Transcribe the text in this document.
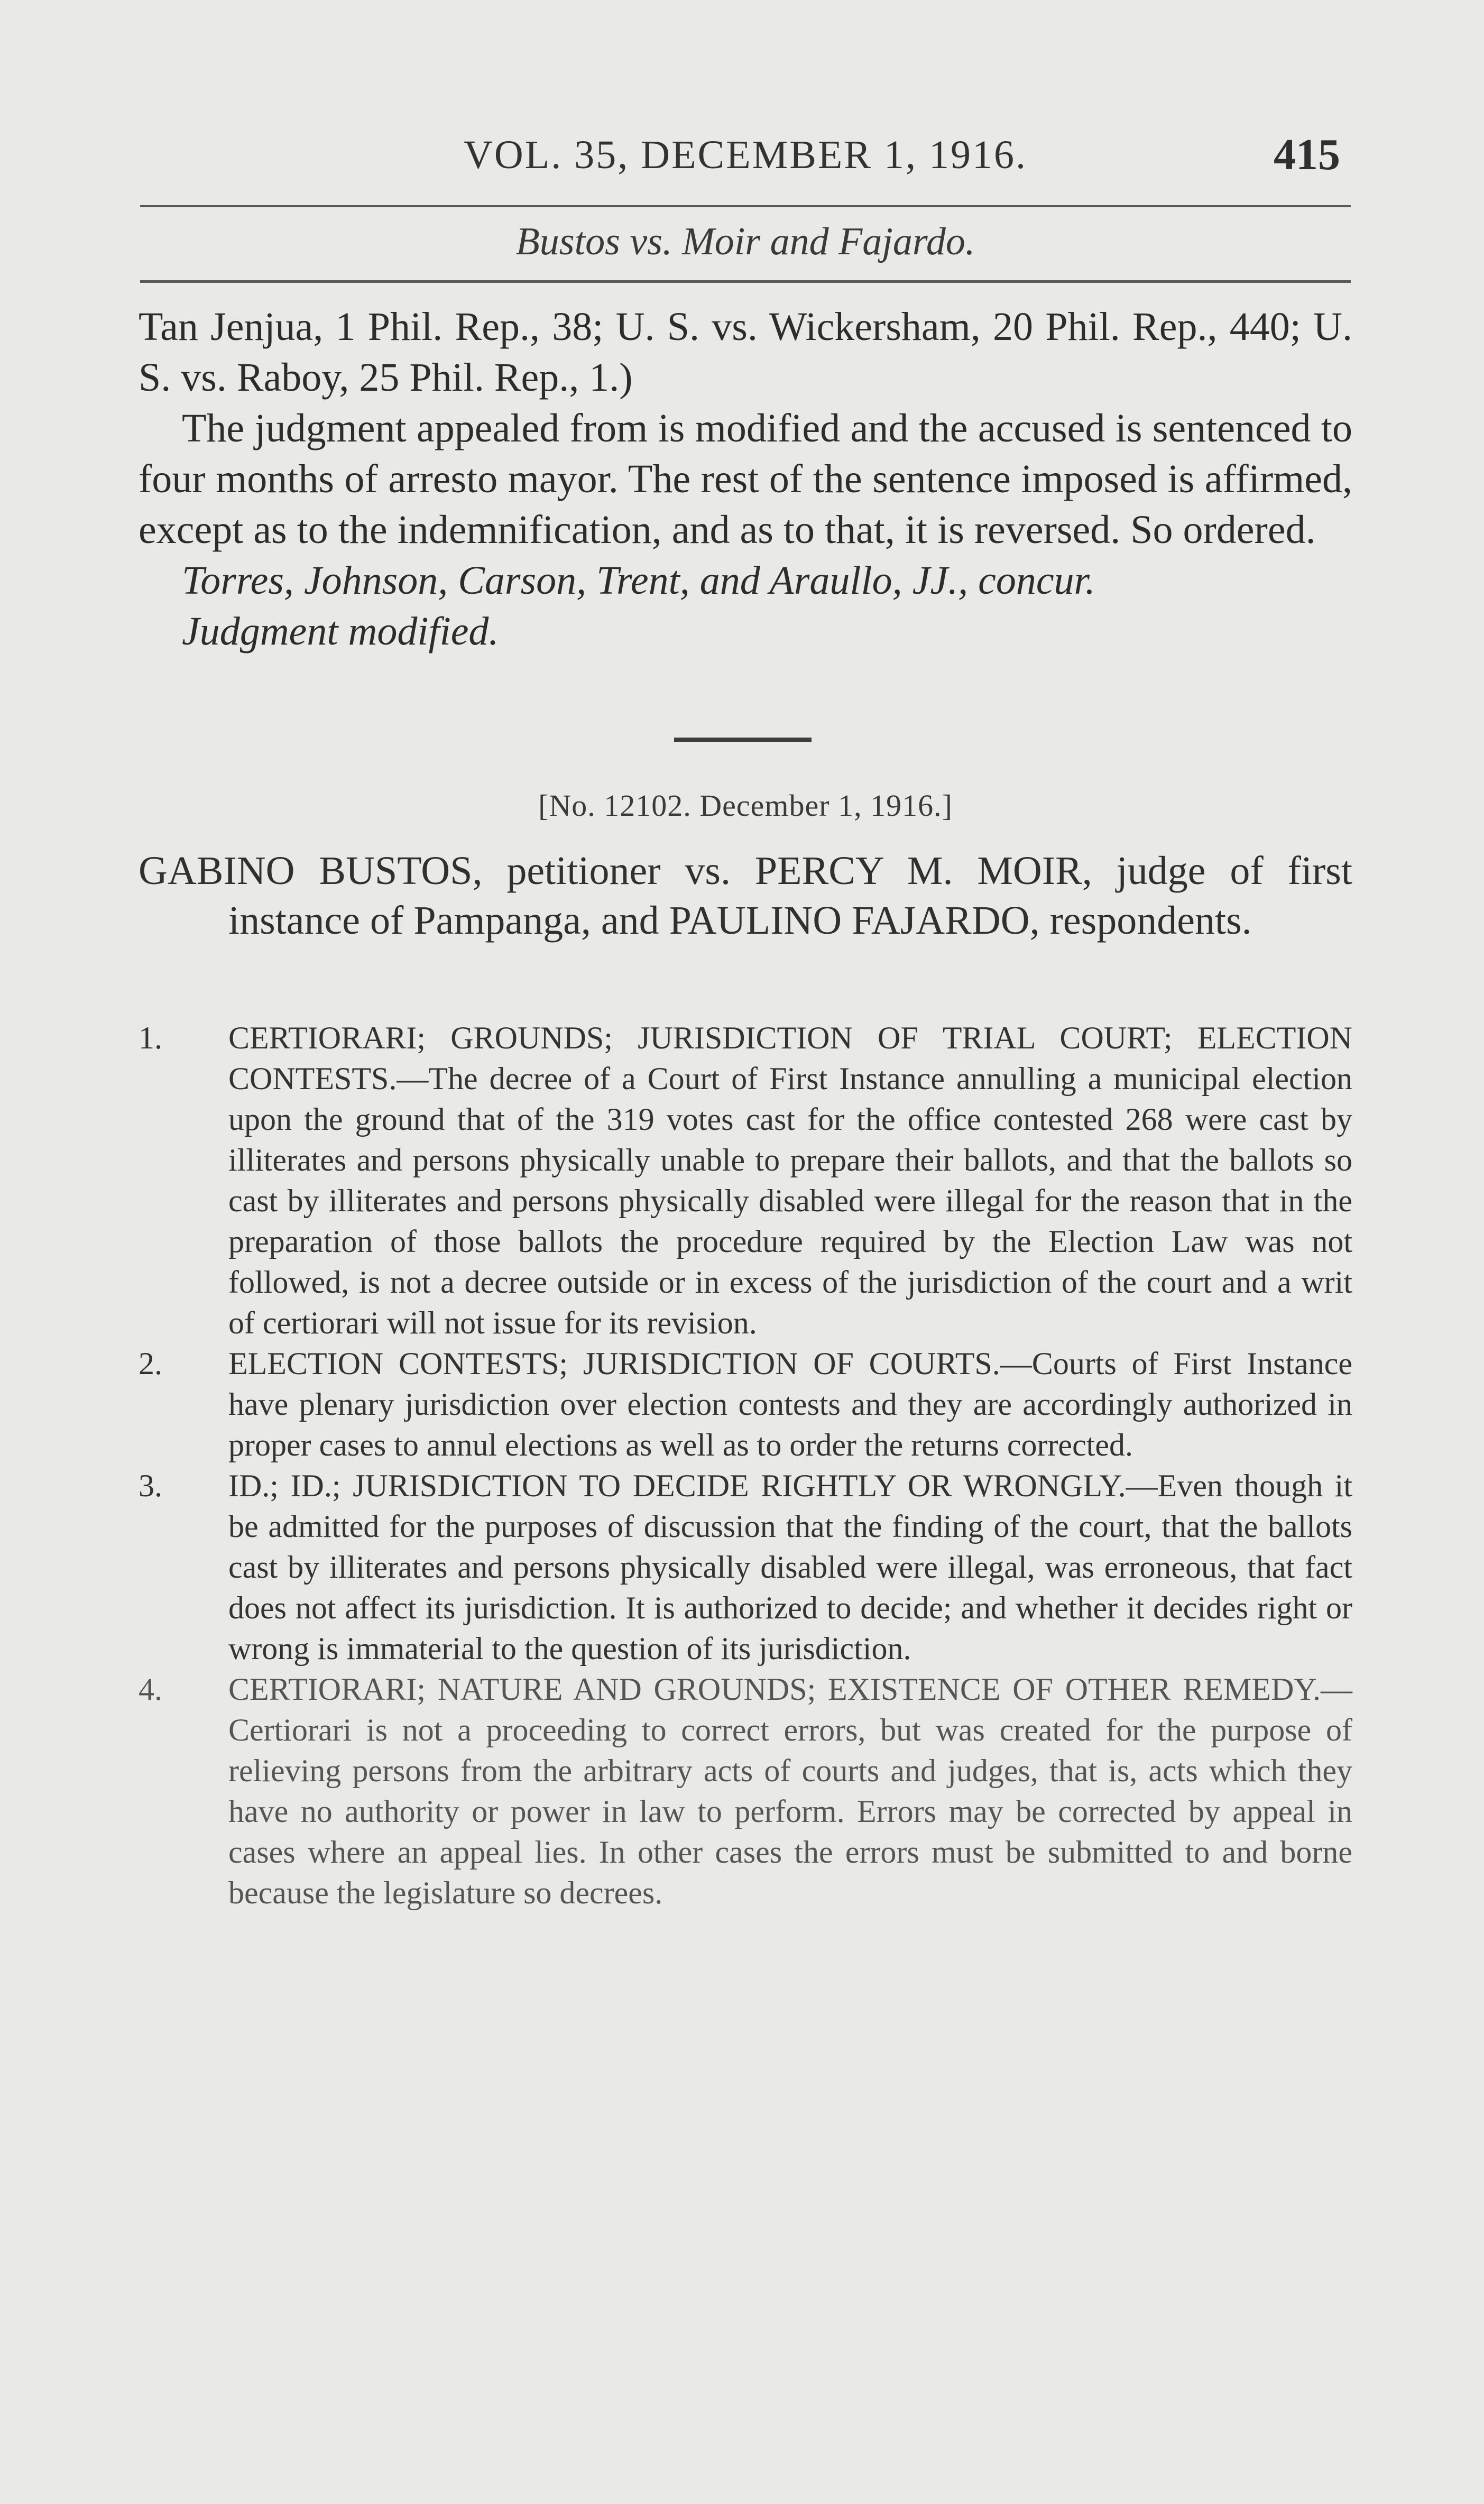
VOL. 35, DECEMBER 1, 1916.	415
Bustos vs. Moir and Fajardo.

Tan Jenjua, 1 Phil. Rep., 38; U. S. vs. Wickersham, 20 Phil. Rep., 440; U. S. vs. Raboy, 25 Phil. Rep., 1.)

The judgment appealed from is modified and the accused is sentenced to four months of arresto mayor. The rest of the sentence imposed is affirmed, except as to the indemnification, and as to that, it is reversed. So ordered.

Torres, Johnson, Carson, Trent, and Araullo, JJ., concur.

Judgment modified.

[No. 12102. December 1, 1916.]

GABINO BUSTOS, petitioner vs. PERCY M. MOIR, judge of first instance of Pampanga, and PAULINO FAJARDO, respondents.

1.	CERTIORARI; GROUNDS; JURISDICTION OF TRIAL COURT; ELECTION CONTESTS.—The decree of a Court of First Instance annulling a municipal election upon the ground that of the 319 votes cast for the office contested 268 were cast by illiterates and persons physically unable to prepare their ballots, and that the ballots so cast by illiterates and persons physically disabled were illegal for the reason that in the preparation of those ballots the procedure required by the Election Law was not followed, is not a decree outside or in excess of the jurisdiction of the court and a writ of certiorari will not issue for its revision.

2.	ELECTION CONTESTS; JURISDICTION OF COURTS.—Courts of First Instance have plenary jurisdiction over election contests and they are accordingly authorized in proper cases to annul elections as well as to order the returns corrected.

3.	ID.; ID.; JURISDICTION TO DECIDE RIGHTLY OR WRONGLY.—Even though it be admitted for the purposes of discussion that the finding of the court, that the ballots cast by illiterates and persons physically disabled were illegal, was erroneous, that fact does not affect its jurisdiction. It is authorized to decide; and whether it decides right or wrong is immaterial to the question of its jurisdiction.

4.	CERTIORARI; NATURE AND GROUNDS; EXISTENCE OF OTHER REMEDY.—Certiorari is not a proceeding to correct errors, but was created for the purpose of relieving persons from the arbitrary acts of courts and judges, that is, acts which they have no authority or power in law to perform. Errors may be corrected by appeal in cases where an appeal lies. In other cases the errors must be submitted to and borne because the legislature so decrees.
